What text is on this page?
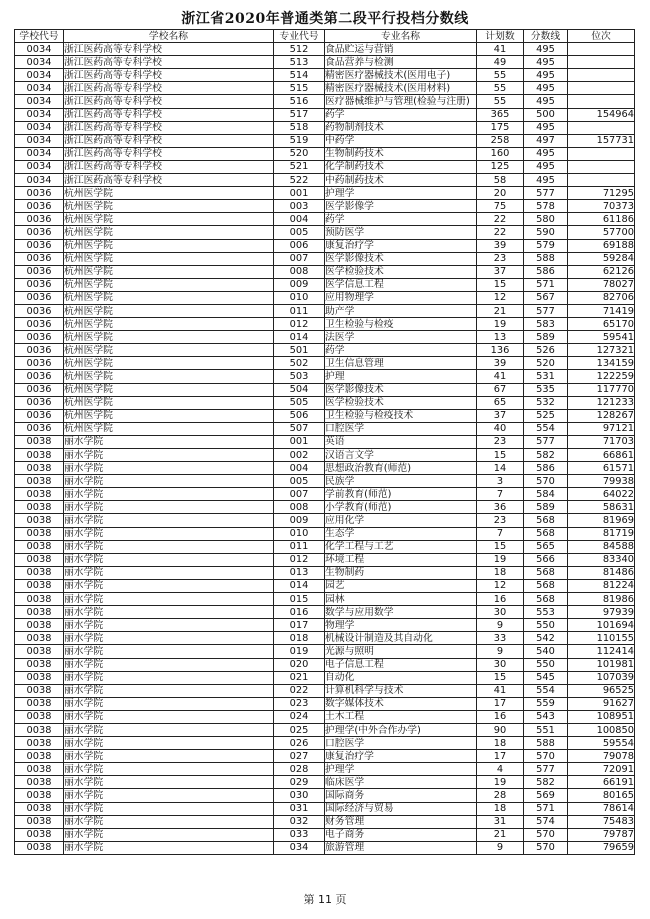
浙江省2020年普通类第二段平行投档分数线
学校代号	学校名称	专业代号	专业名称	计划数	分数线	位次
0034	浙江医药高等专科学校	512	食品贮运与营销	41	495	
0034	浙江医药高等专科学校	513	食品营养与检测	49	495	
0034	浙江医药高等专科学校	514	精密医疗器械技术(医用电子)	55	495	
0034	浙江医药高等专科学校	515	精密医疗器械技术(医用材料)	55	495	
0034	浙江医药高等专科学校	516	医疗器械维护与管理(检验与注册)	55	495	
0034	浙江医药高等专科学校	517	药学	365	500	154964
0034	浙江医药高等专科学校	518	药物制剂技术	175	495	
0034	浙江医药高等专科学校	519	中药学	258	497	157731
0034	浙江医药高等专科学校	520	生物制药技术	160	495	
0034	浙江医药高等专科学校	521	化学制药技术	125	495	
0034	浙江医药高等专科学校	522	中药制药技术	58	495	
0036	杭州医学院	001	护理学	20	577	71295
0036	杭州医学院	003	医学影像学	75	578	70373
0036	杭州医学院	004	药学	22	580	61186
0036	杭州医学院	005	预防医学	22	590	57700
0036	杭州医学院	006	康复治疗学	39	579	69188
0036	杭州医学院	007	医学影像技术	23	588	59284
0036	杭州医学院	008	医学检验技术	37	586	62126
0036	杭州医学院	009	医学信息工程	15	571	78027
0036	杭州医学院	010	应用物理学	12	567	82706
0036	杭州医学院	011	助产学	21	577	71419
0036	杭州医学院	012	卫生检验与检疫	19	583	65170
0036	杭州医学院	014	法医学	13	589	59541
0036	杭州医学院	501	药学	136	526	127321
0036	杭州医学院	502	卫生信息管理	39	520	134159
0036	杭州医学院	503	护理	41	531	122259
0036	杭州医学院	504	医学影像技术	67	535	117770
0036	杭州医学院	505	医学检验技术	65	532	121233
0036	杭州医学院	506	卫生检验与检疫技术	37	525	128267
0036	杭州医学院	507	口腔医学	40	554	97121
0038	丽水学院	001	英语	23	577	71703
0038	丽水学院	002	汉语言文学	15	582	66861
0038	丽水学院	004	思想政治教育(师范)	14	586	61571
0038	丽水学院	005	民族学	3	570	79938
0038	丽水学院	007	学前教育(师范)	7	584	64022
0038	丽水学院	008	小学教育(师范)	36	589	58631
0038	丽水学院	009	应用化学	23	568	81969
0038	丽水学院	010	生态学	7	568	81719
0038	丽水学院	011	化学工程与工艺	15	565	84588
0038	丽水学院	012	环境工程	19	566	83340
0038	丽水学院	013	生物制药	18	568	81486
0038	丽水学院	014	园艺	12	568	81224
0038	丽水学院	015	园林	16	568	81986
0038	丽水学院	016	数学与应用数学	30	553	97939
0038	丽水学院	017	物理学	9	550	101694
0038	丽水学院	018	机械设计制造及其自动化	33	542	110155
0038	丽水学院	019	光源与照明	9	540	112414
0038	丽水学院	020	电子信息工程	30	550	101981
0038	丽水学院	021	自动化	15	545	107039
0038	丽水学院	022	计算机科学与技术	41	554	96525
0038	丽水学院	023	数字媒体技术	17	559	91627
0038	丽水学院	024	土木工程	16	543	108951
0038	丽水学院	025	护理学(中外合作办学)	90	551	100850
0038	丽水学院	026	口腔医学	18	588	59554
0038	丽水学院	027	康复治疗学	17	570	79078
0038	丽水学院	028	护理学	4	577	72091
0038	丽水学院	029	临床医学	19	582	66191
0038	丽水学院	030	国际商务	28	569	80165
0038	丽水学院	031	国际经济与贸易	18	571	78614
0038	丽水学院	032	财务管理	31	574	75483
0038	丽水学院	033	电子商务	21	570	79787
0038	丽水学院	034	旅游管理	9	570	79659
第 11 页
